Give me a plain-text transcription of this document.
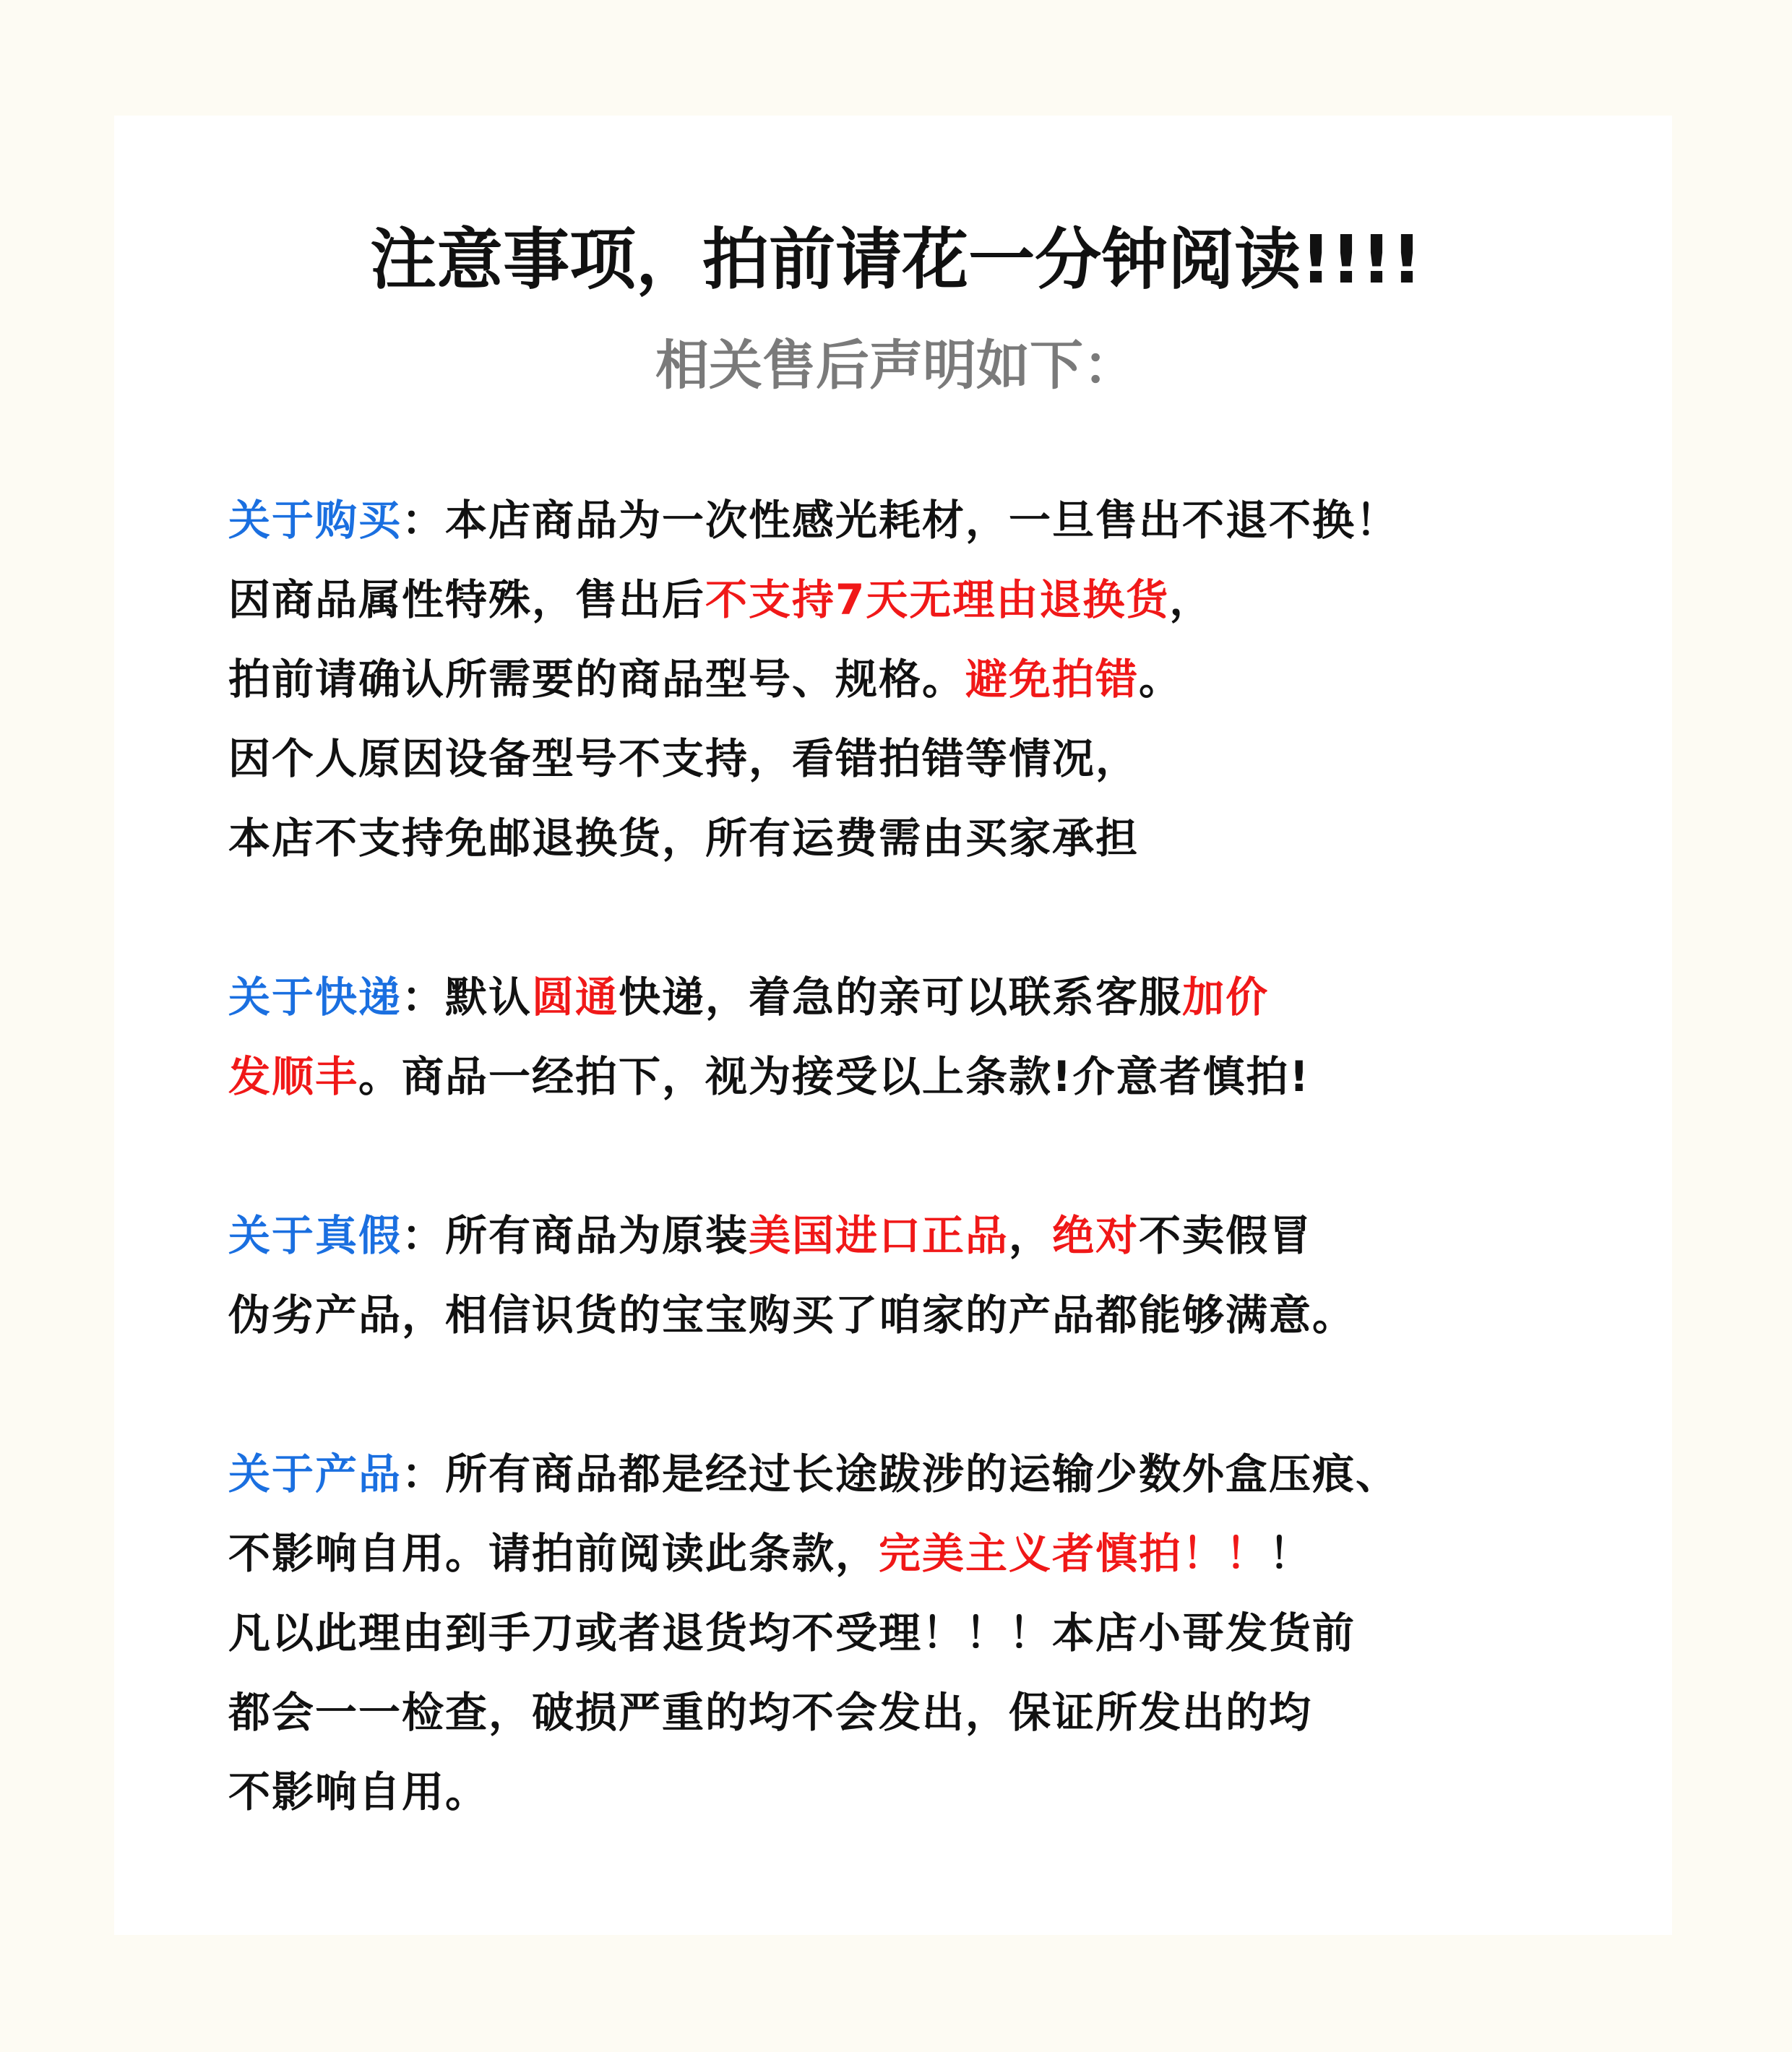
注意事项，拍前请花一分钟阅读!!!!
相关售后声明如下：
关于购买：本店商品为一次性感光耗材，一旦售出不退不换！
因商品属性特殊，售出后不支持7天无理由退换货，
拍前请确认所需要的商品型号、规格。避免拍错。
因个人原因设备型号不支持，看错拍错等情况，
本店不支持免邮退换货，所有运费需由买家承担
关于快递：默认圆通快递，着急的亲可以联系客服加价
发顺丰。商品一经拍下，视为接受以上条款!介意者慎拍!
关于真假：所有商品为原装美国进口正品，绝对不卖假冒
伪劣产品，相信识货的宝宝购买了咱家的产品都能够满意。
关于产品：所有商品都是经过长途跋涉的运输少数外盒压痕、
不影响自用。请拍前阅读此条款，完美主义者慎拍！！！
凡以此理由到手刀或者退货均不受理！！！本店小哥发货前
都会一一检查，破损严重的均不会发出，保证所发出的均
不影响自用。
